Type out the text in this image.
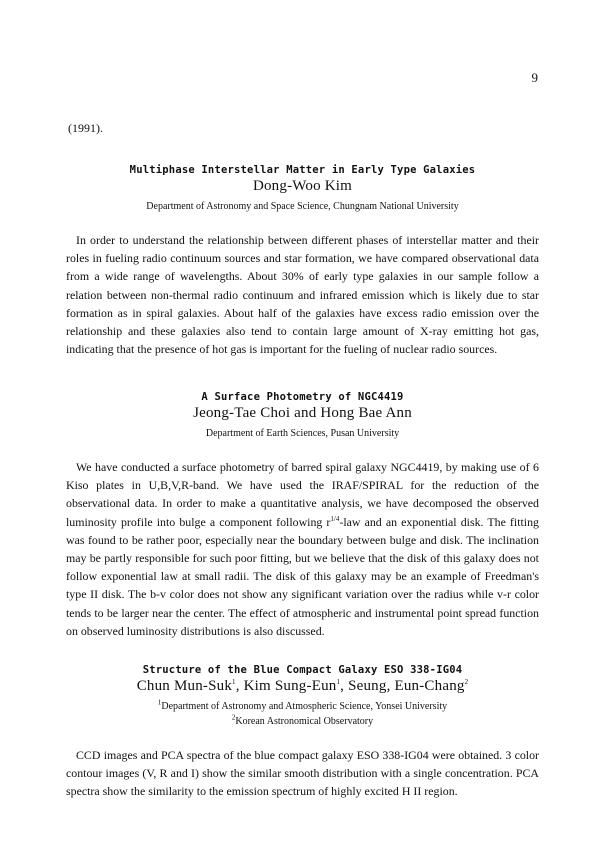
9
(1991).
Multiphase Interstellar Matter in Early Type Galaxies
Dong-Woo Kim
Department of Astronomy and Space Science, Chungnam National University
In order to understand the relationship between different phases of interstellar matter and their roles in fueling radio continuum sources and star formation, we have compared observational data from a wide range of wavelengths. About 30% of early type galaxies in our sample follow a relation between non-thermal radio continuum and infrared emission which is likely due to star formation as in spiral galaxies. About half of the galaxies have excess radio emission over the relationship and these galaxies also tend to contain large amount of X-ray emitting hot gas, indicating that the presence of hot gas is important for the fueling of nuclear radio sources.
A Surface Photometry of NGC4419
Jeong-Tae Choi and Hong Bae Ann
Department of Earth Sciences, Pusan University
We have conducted a surface photometry of barred spiral galaxy NGC4419, by making use of 6 Kiso plates in U,B,V,R-band. We have used the IRAF/SPIRAL for the reduction of the observational data. In order to make a quantitative analysis, we have decomposed the observed luminosity profile into bulge a component following $r^{1/4}$-law and an exponential disk. The fitting was found to be rather poor, especially near the boundary between bulge and disk. The inclination may be partly responsible for such poor fitting, but we believe that the disk of this galaxy does not follow exponential law at small radii. The disk of this galaxy may be an example of Freedman's type II disk. The b-v color does not show any significant variation over the radius while v-r color tends to be larger near the center. The effect of atmospheric and instrumental point spread function on observed luminosity distributions is also discussed.
Structure of the Blue Compact Galaxy ESO 338-IG04
Chun Mun-Suk$^1$, Kim Sung-Eun$^1$, Seung, Eun-Chang$^2$
$^1$Department of Astronomy and Atmospheric Science, Yonsei University
$^2$Korean Astronomical Observatory
CCD images and PCA spectra of the blue compact galaxy ESO 338-IG04 were obtained. 3 color contour images (V, R and I) show the similar smooth distribution with a single concentration. PCA spectra show the similarity to the emission spectrum of highly excited H II region.
